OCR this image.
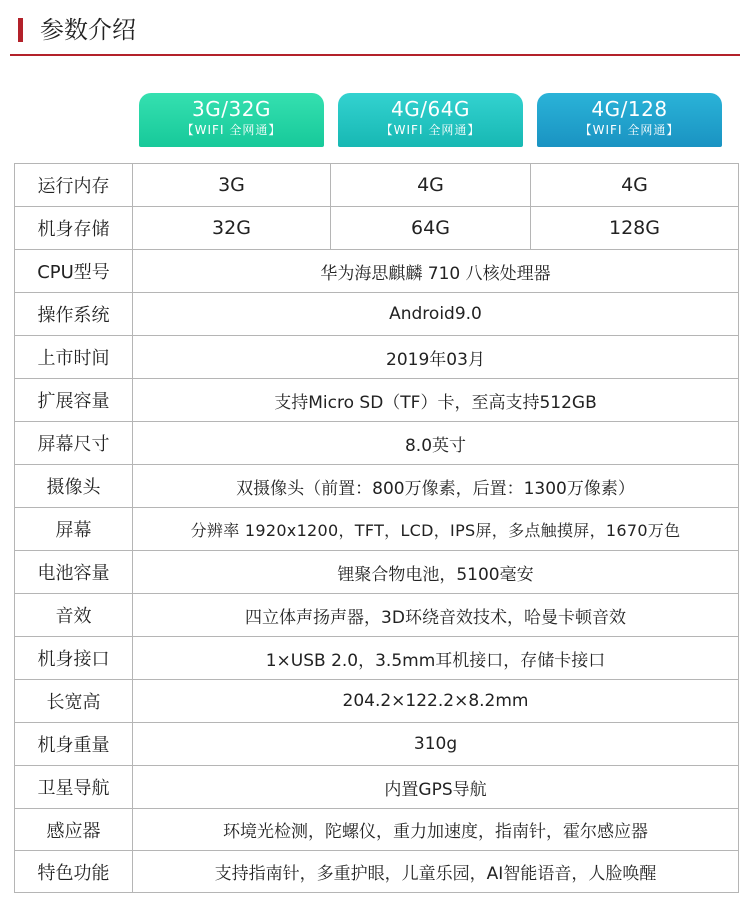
参数介绍
3G/32G
【WIFI 全网通】
4G/64G
【WIFI 全网通】
4G/128
【WIFI 全网通】
运行内存	3G	4G	4G
机身存储	32G	64G	128G
CPU型号	华为海思麒麟 710 八核处理器		
操作系统	Android9.0		
上市时间	2019年03月		
扩展容量	支持Micro SD（TF）卡，至高支持512GB		
屏幕尺寸	8.0英寸		
摄像头	双摄像头（前置：800万像素，后置：1300万像素）		
屏幕	分辨率 1920x1200，TFT，LCD，IPS屏，多点触摸屏，1670万色		
电池容量	锂聚合物电池，5100毫安		
音效	四立体声扬声器，3D环绕音效技术，哈曼卡顿音效		
机身接口	1×USB 2.0，3.5mm耳机接口，存储卡接口		
长宽高	204.2×122.2×8.2mm		
机身重量	310g		
卫星导航	内置GPS导航		
感应器	环境光检测，陀螺仪，重力加速度，指南针，霍尔感应器		
特色功能	支持指南针，多重护眼，儿童乐园，AI智能语音，人脸唤醒		
